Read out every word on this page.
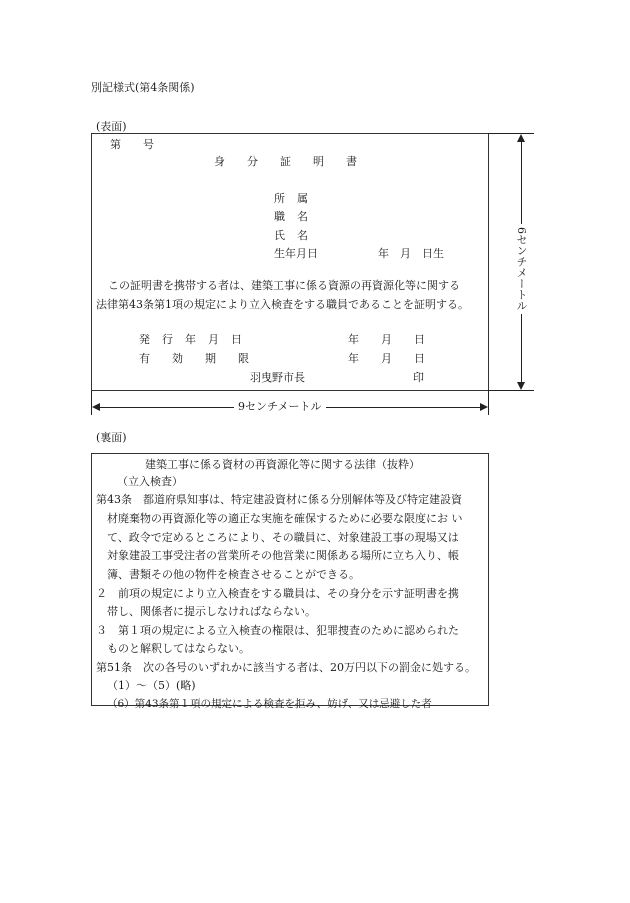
別記様式(第4条関係)
(表面)
第　　号
身分証明書
所属
職名
氏名
生年月日	年　月　日生
この証明書を携帯する者は、建築工事に係る資源の再資源化等に関する
法律第43条第1項の規定により立入検査をする職員であることを証明する。
発行年月日	年　　月　　日
有効期限	年　　月　　日
羽曳野市長	印
6センチメートル
9センチメートル
(裏面)
建築工事に係る資材の再資源化等に関する法律（抜粋）
（立入検査）
第43条　都道府県知事は、特定建設資材に係る分別解体等及び特定建設資
材廃棄物の再資源化等の適正な実施を確保するために必要な限度にお い
て、政令で定めるところにより、その職員に、対象建設工事の現場又は
対象建設工事受注者の営業所その他営業に関係ある場所に立ち入り、帳
簿、書類その他の物件を検査させることができる。
２　前項の規定により立入検査をする職員は、その身分を示す証明書を携
帯し、関係者に提示しなければならない。
３　第１項の規定による立入検査の権限は、犯罪捜査のために認められた
ものと解釈してはならない。
第51条　次の各号のいずれかに該当する者は、20万円以下の罰金に処する。
（1）～（5）(略)
（6）第43条第１項の規定による検査を拒み、妨げ、又は忌避した者
